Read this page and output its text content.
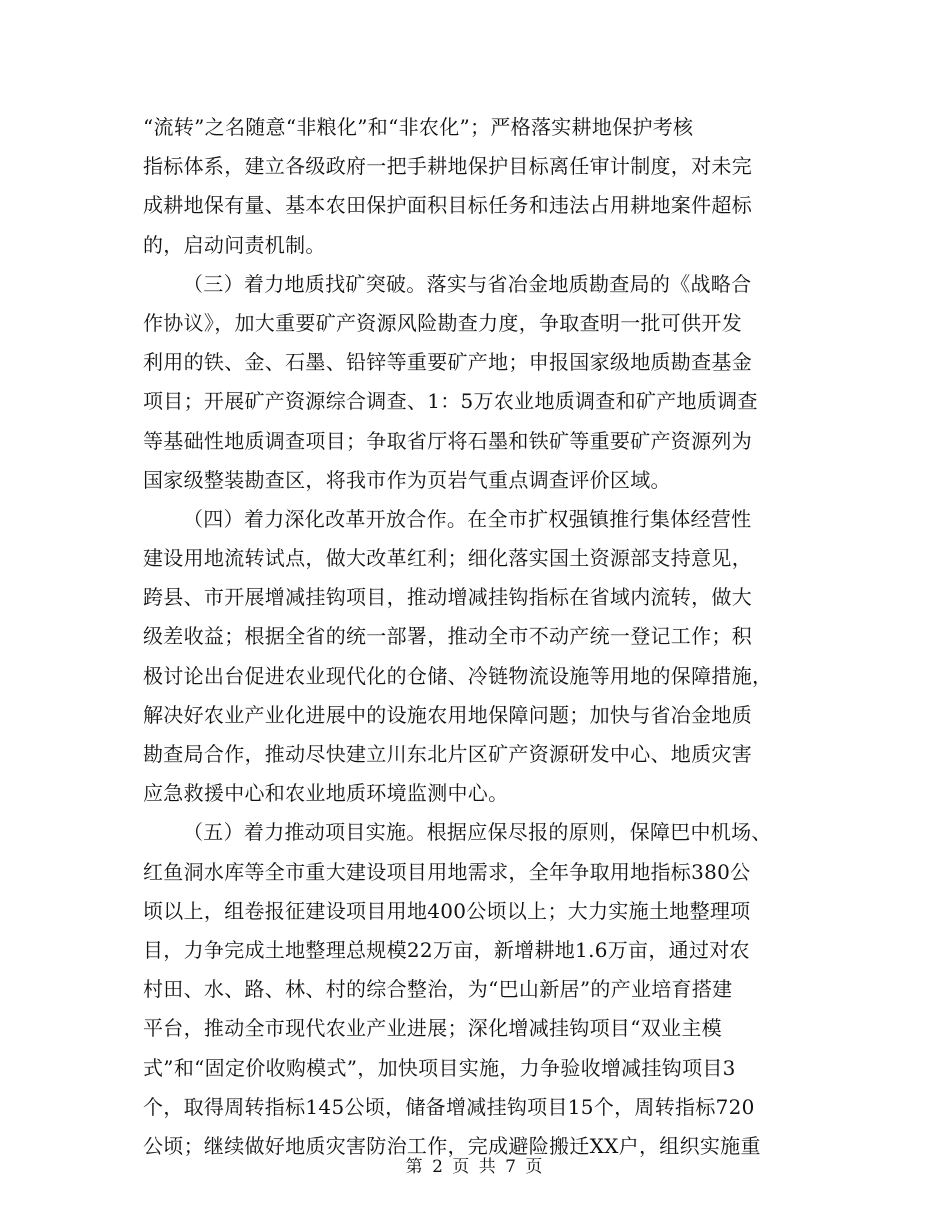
“流转”之名随意“非粮化”和“非农化”；严格落实耕地保护考核
指标体系，建立各级政府一把手耕地保护目标离任审计制度，对未完
成耕地保有量、基本农田保护面积目标任务和违法占用耕地案件超标
的，启动问责机制。
（三）着力地质找矿突破。落实与省冶金地质勘查局的《战略合
作协议》，加大重要矿产资源风险勘查力度，争取查明一批可供开发
利用的铁、金、石墨、铅锌等重要矿产地；申报国家级地质勘查基金
项目；开展矿产资源综合调查、1：5万农业地质调查和矿产地质调查
等基础性地质调查项目；争取省厅将石墨和铁矿等重要矿产资源列为
国家级整装勘查区，将我市作为页岩气重点调查评价区域。
（四）着力深化改革开放合作。在全市扩权强镇推行集体经营性
建设用地流转试点，做大改革红利；细化落实国土资源部支持意见，
跨县、市开展增减挂钩项目，推动增减挂钩指标在省域内流转，做大
级差收益；根据全省的统一部署，推动全市不动产统一登记工作；积
极讨论出台促进农业现代化的仓储、冷链物流设施等用地的保障措施，
解决好农业产业化进展中的设施农用地保障问题；加快与省冶金地质
勘查局合作，推动尽快建立川东北片区矿产资源研发中心、地质灾害
应急救援中心和农业地质环境监测中心。
（五）着力推动项目实施。根据应保尽报的原则，保障巴中机场、
红鱼洞水库等全市重大建设项目用地需求，全年争取用地指标380公
顷以上，组卷报征建设项目用地400公顷以上；大力实施土地整理项
目，力争完成土地整理总规模22万亩，新增耕地1.6万亩，通过对农
村田、水、路、林、村的综合整治，为“巴山新居”的产业培育搭建
平台，推动全市现代农业产业进展；深化增减挂钩项目“双业主模
式”和“固定价收购模式”，加快项目实施，力争验收增减挂钩项目3
个，取得周转指标145公顷，储备增减挂钩项目15个，周转指标720
公顷；继续做好地质灾害防治工作，完成避险搬迁XX户，组织实施重
第 2 页 共 7 页
